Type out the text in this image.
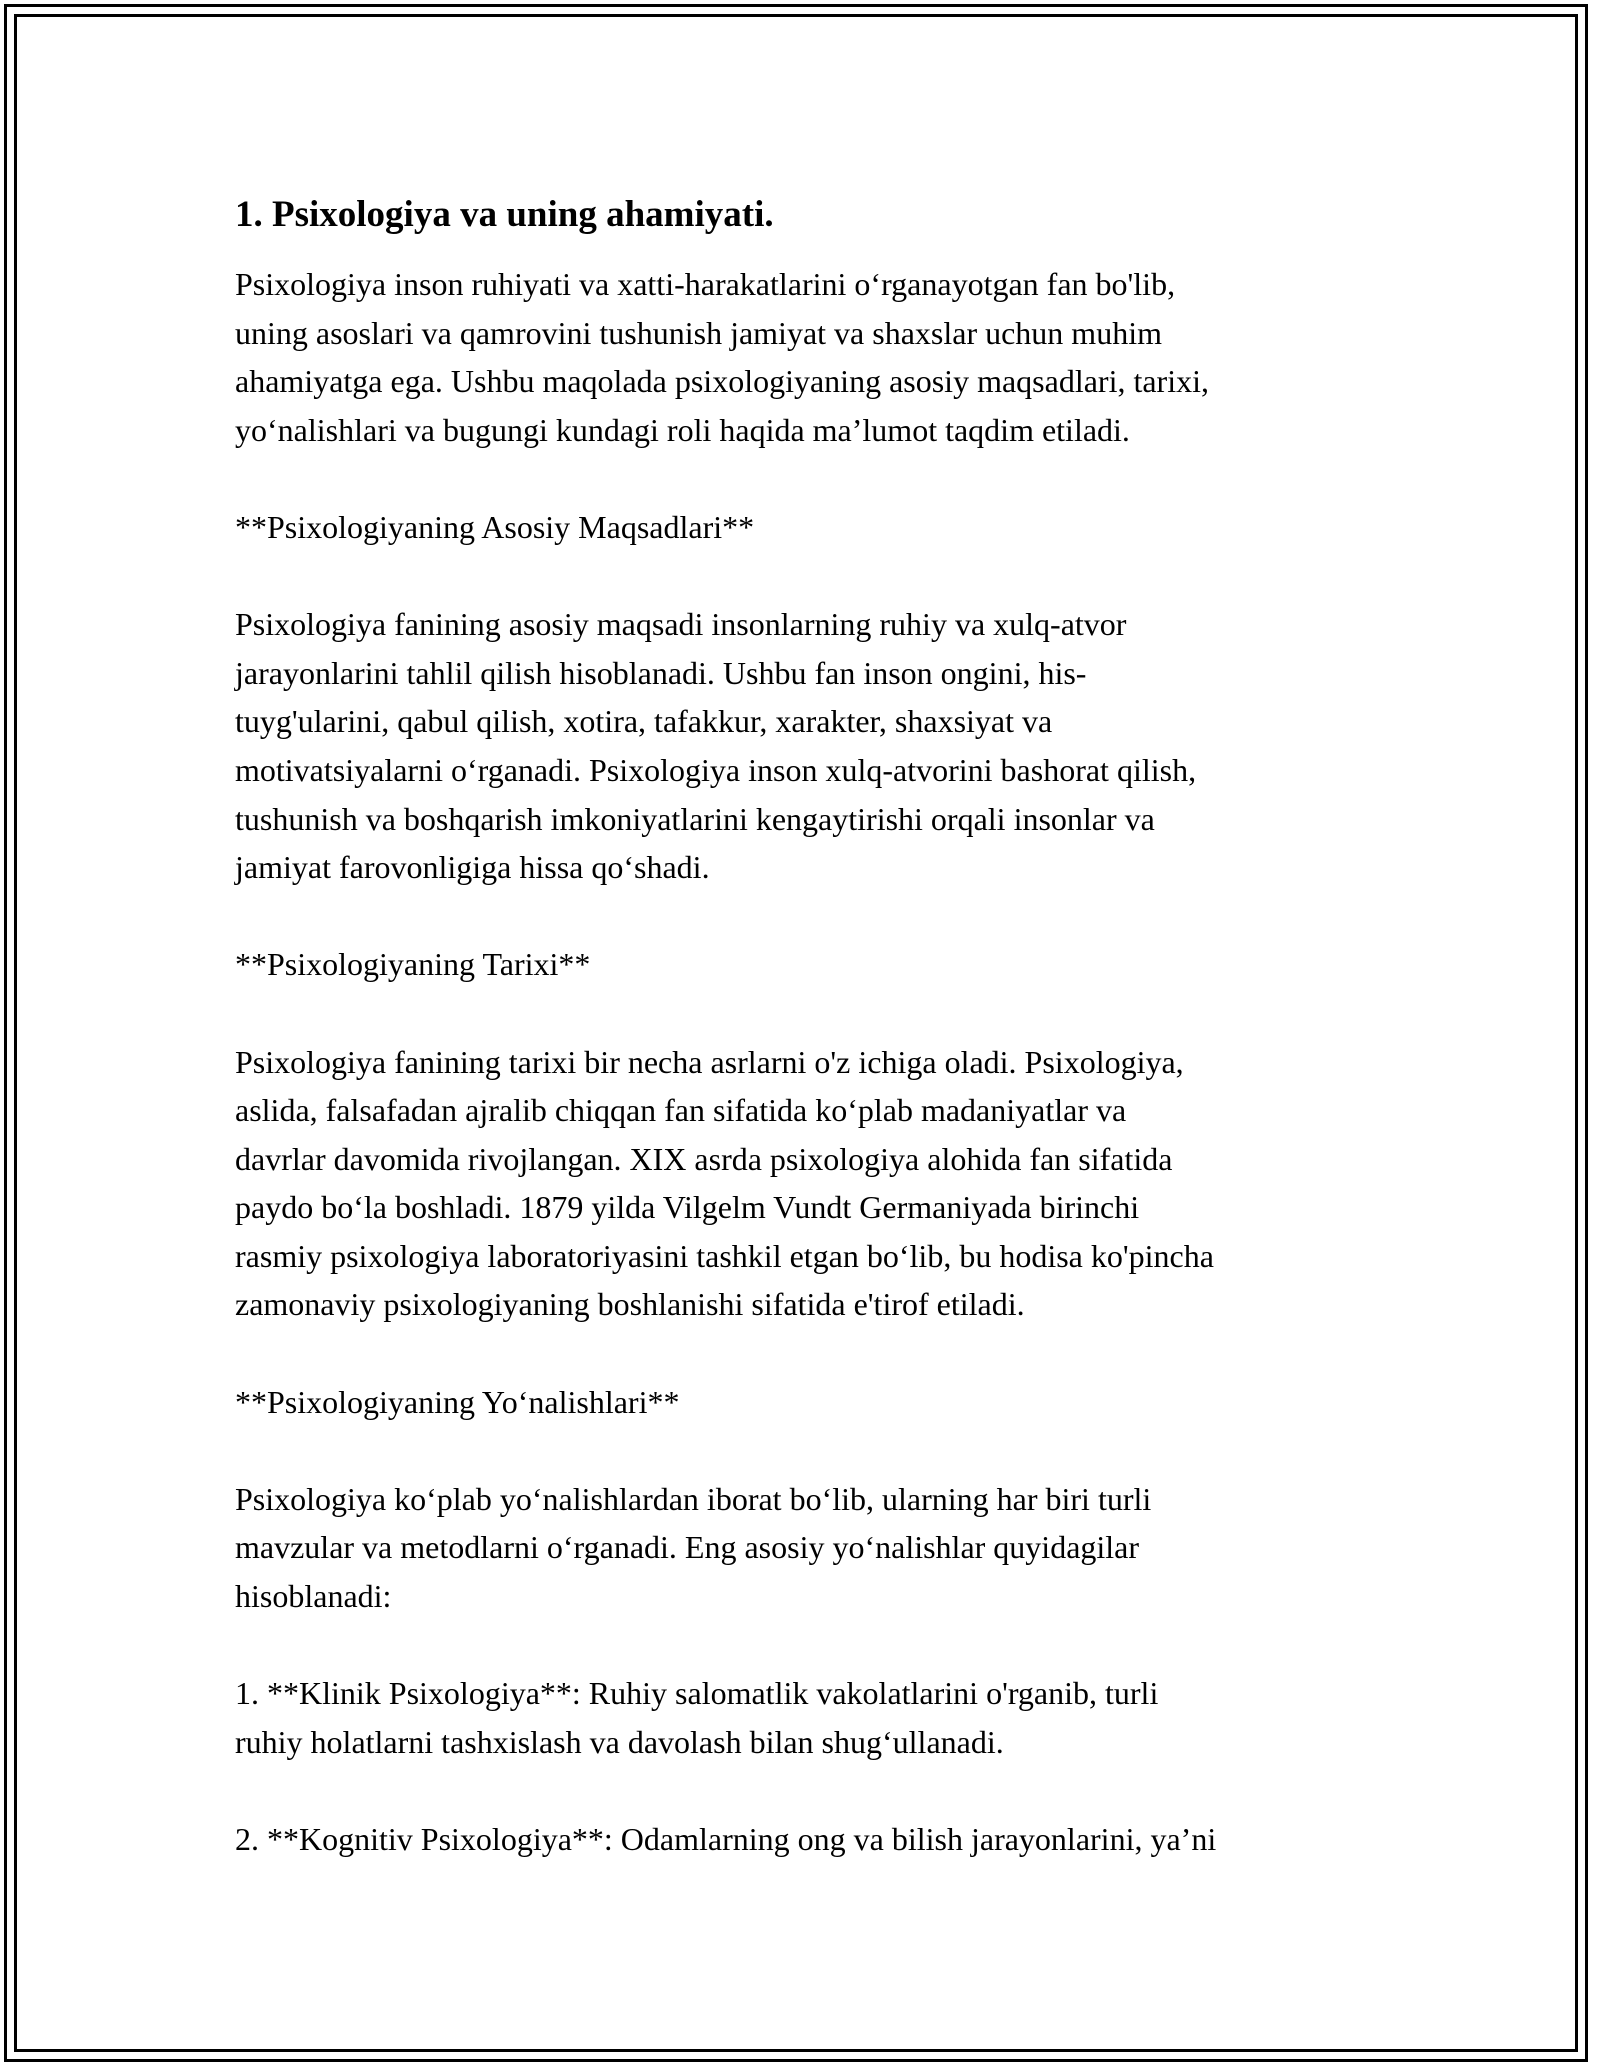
1. Psixologiya va uning ahamiyati.

Psixologiya inson ruhiyati va xatti-harakatlarini o‘rganayotgan fan bo'lib,
uning asoslari va qamrovini tushunish jamiyat va shaxslar uchun muhim
ahamiyatga ega. Ushbu maqolada psixologiyaning asosiy maqsadlari, tarixi,
yo‘nalishlari va bugungi kundagi roli haqida ma’lumot taqdim etiladi.

**Psixologiyaning Asosiy Maqsadlari**

Psixologiya fanining asosiy maqsadi insonlarning ruhiy va xulq-atvor
jarayonlarini tahlil qilish hisoblanadi. Ushbu fan inson ongini, his-
tuyg'ularini, qabul qilish, xotira, tafakkur, xarakter, shaxsiyat va
motivatsiyalarni o‘rganadi. Psixologiya inson xulq-atvorini bashorat qilish,
tushunish va boshqarish imkoniyatlarini kengaytirishi orqali insonlar va
jamiyat farovonligiga hissa qo‘shadi.

**Psixologiyaning Tarixi**

Psixologiya fanining tarixi bir necha asrlarni o'z ichiga oladi. Psixologiya,
aslida, falsafadan ajralib chiqqan fan sifatida ko‘plab madaniyatlar va
davrlar davomida rivojlangan. XIX asrda psixologiya alohida fan sifatida
paydo bo‘la boshladi. 1879 yilda Vilgelm Vundt Germaniyada birinchi
rasmiy psixologiya laboratoriyasini tashkil etgan bo‘lib, bu hodisa ko'pincha
zamonaviy psixologiyaning boshlanishi sifatida e'tirof etiladi.

**Psixologiyaning Yo‘nalishlari**

Psixologiya ko‘plab yo‘nalishlardan iborat bo‘lib, ularning har biri turli
mavzular va metodlarni o‘rganadi. Eng asosiy yo‘nalishlar quyidagilar
hisoblanadi:

1. **Klinik Psixologiya**: Ruhiy salomatlik vakolatlarini o'rganib, turli
ruhiy holatlarni tashxislash va davolash bilan shug‘ullanadi.

2. **Kognitiv Psixologiya**: Odamlarning ong va bilish jarayonlarini, ya’ni
